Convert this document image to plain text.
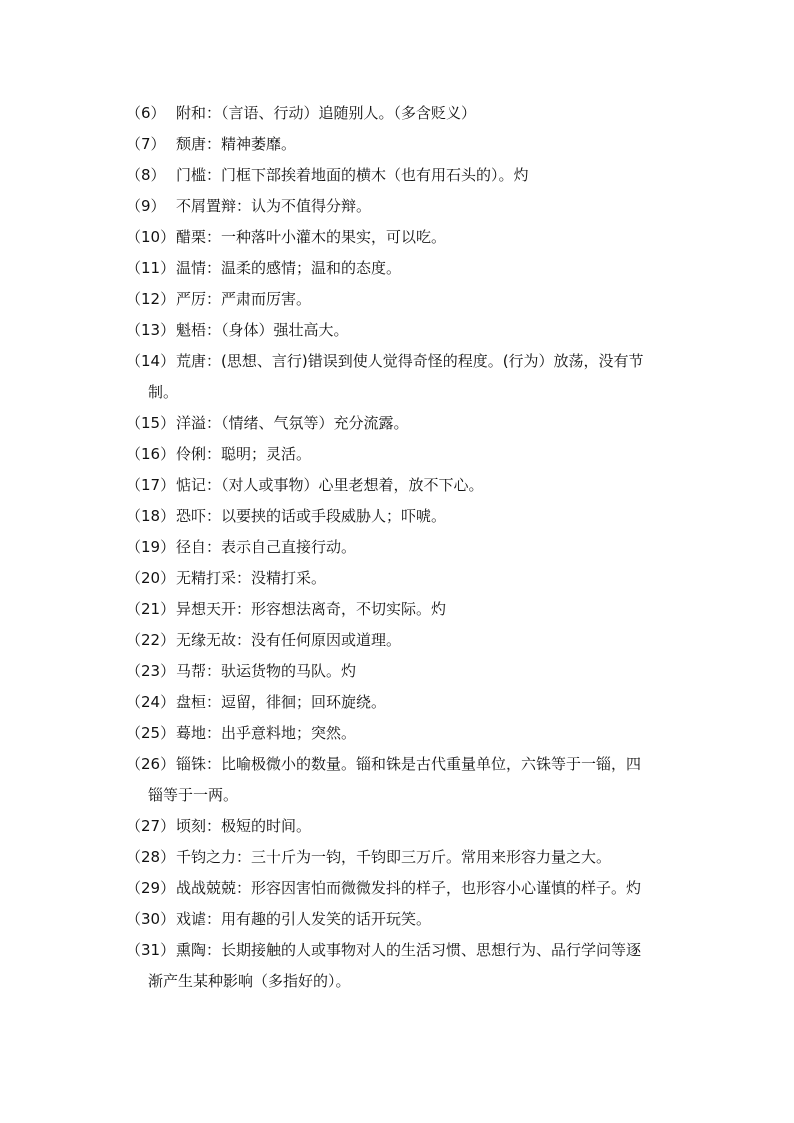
（6） 附和：（言语、行动）追随别人。（多含贬义）
（7） 颓唐：精神萎靡。
（8） 门槛：门框下部挨着地面的横木（也有用石头的）。灼
（9） 不屑置辩：认为不值得分辩。
（10） 醋栗：一种落叶小灌木的果实，可以吃。
（11） 温情：温柔的感情；温和的态度。
（12） 严厉：严肃而厉害。
（13） 魁梧：（身体）强壮高大。
（14）荒唐：(思想、言行)错误到使人觉得奇怪的程度。(行为）放荡，没有节
制。
（15） 洋溢：（情绪、气氛等）充分流露。
（16） 伶俐：聪明；灵活。
（17） 惦记：（对人或事物）心里老想着，放不下心。
（18） 恐吓：以要挟的话或手段威胁人；吓唬。
（19） 径自：表示自己直接行动。
（20） 无精打采：没精打采。
（21） 异想天开：形容想法离奇，不切实际。灼
（22） 无缘无故：没有任何原因或道理。
（23） 马帮：驮运货物的马队。灼
（24） 盘桓：逗留，徘徊；回环旋绕。
（25） 蓦地：出乎意料地；突然。
（26）锱铢：比喻极微小的数量。锱和铢是古代重量单位，六铢等于一锱，四
锱等于一两。
（27） 顷刻：极短的时间。
（28） 千钧之力：三十斤为一钧，千钧即三万斤。常用来形容力量之大。
（29） 战战兢兢：形容因害怕而微微发抖的样子，也形容小心谨慎的样子。灼
（30） 戏谑：用有趣的引人发笑的话开玩笑。
（31）熏陶：长期接触的人或事物对人的生活习惯、思想行为、品行学问等逐
渐产生某种影响（多指好的）。
